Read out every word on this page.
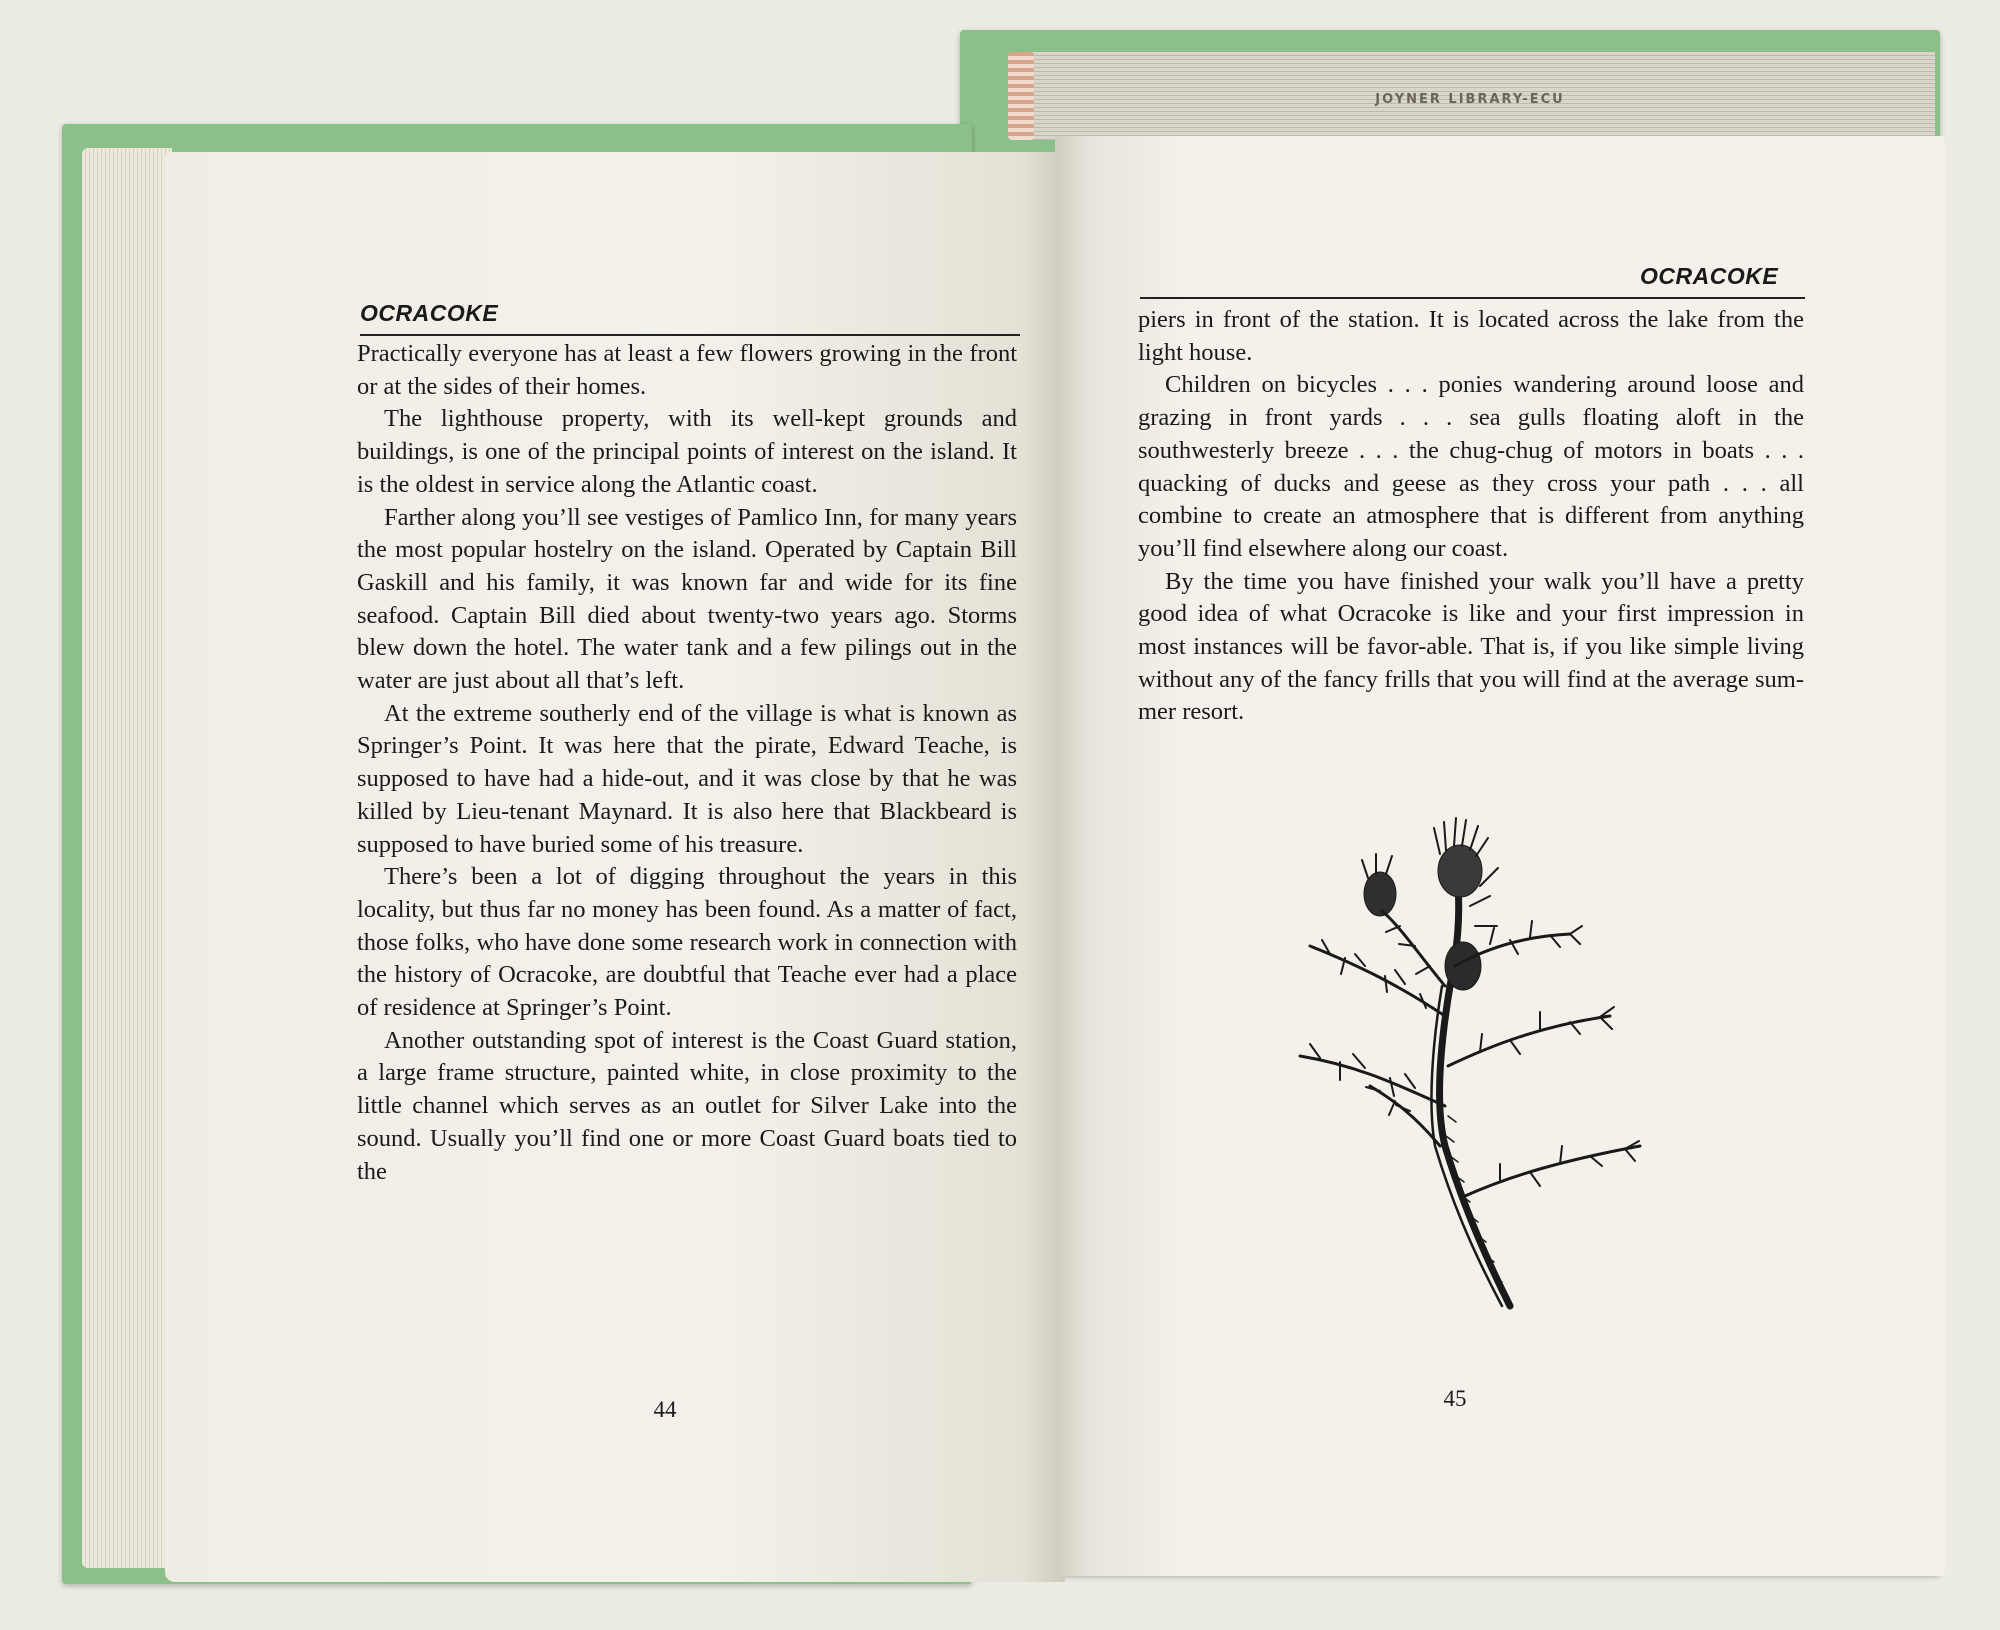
JOYNER LIBRARY-ECU
OCRACOKE

Practically everyone has at least a few flowers growing in the front or at the sides of their homes.

The lighthouse property, with its well-kept grounds and buildings, is one of the principal points of interest on the island. It is the oldest in service along the Atlantic coast.

Farther along you’ll see vestiges of Pamlico Inn, for many years the most popular hostelry on the island. Operated by Captain Bill Gaskill and his family, it was known far and wide for its fine seafood. Captain Bill died about twenty-two years ago. Storms blew down the hotel. The water tank and a few pilings out in the water are just about all that’s left.

At the extreme southerly end of the village is what is known as Springer’s Point. It was here that the pirate, Edward Teache, is supposed to have had a hide-out, and it was close by that he was killed by Lieu-tenant Maynard. It is also here that Blackbeard is supposed to have buried some of his treasure.

There’s been a lot of digging throughout the years in this locality, but thus far no money has been found. As a matter of fact, those folks, who have done some research work in connection with the history of Ocracoke, are doubtful that Teache ever had a place of residence at Springer’s Point.

Another outstanding spot of interest is the Coast Guard station, a large frame structure, painted white, in close proximity to the little channel which serves as an outlet for Silver Lake into the sound. Usually you’ll find one or more Coast Guard boats tied to the

44
OCRACOKE

piers in front of the station. It is located across the lake from the light house.

Children on bicycles . . . ponies wandering around loose and grazing in front yards . . . sea gulls floating aloft in the southwesterly breeze . . . the chug-chug of motors in boats . . . quacking of ducks and geese as they cross your path . . . all combine to create an atmosphere that is different from anything you’ll find elsewhere along our coast.

By the time you have finished your walk you’ll have a pretty good idea of what Ocracoke is like and your first impression in most instances will be favor-able. That is, if you like simple living without any of the fancy frills that you will find at the average sum-mer resort.

45
